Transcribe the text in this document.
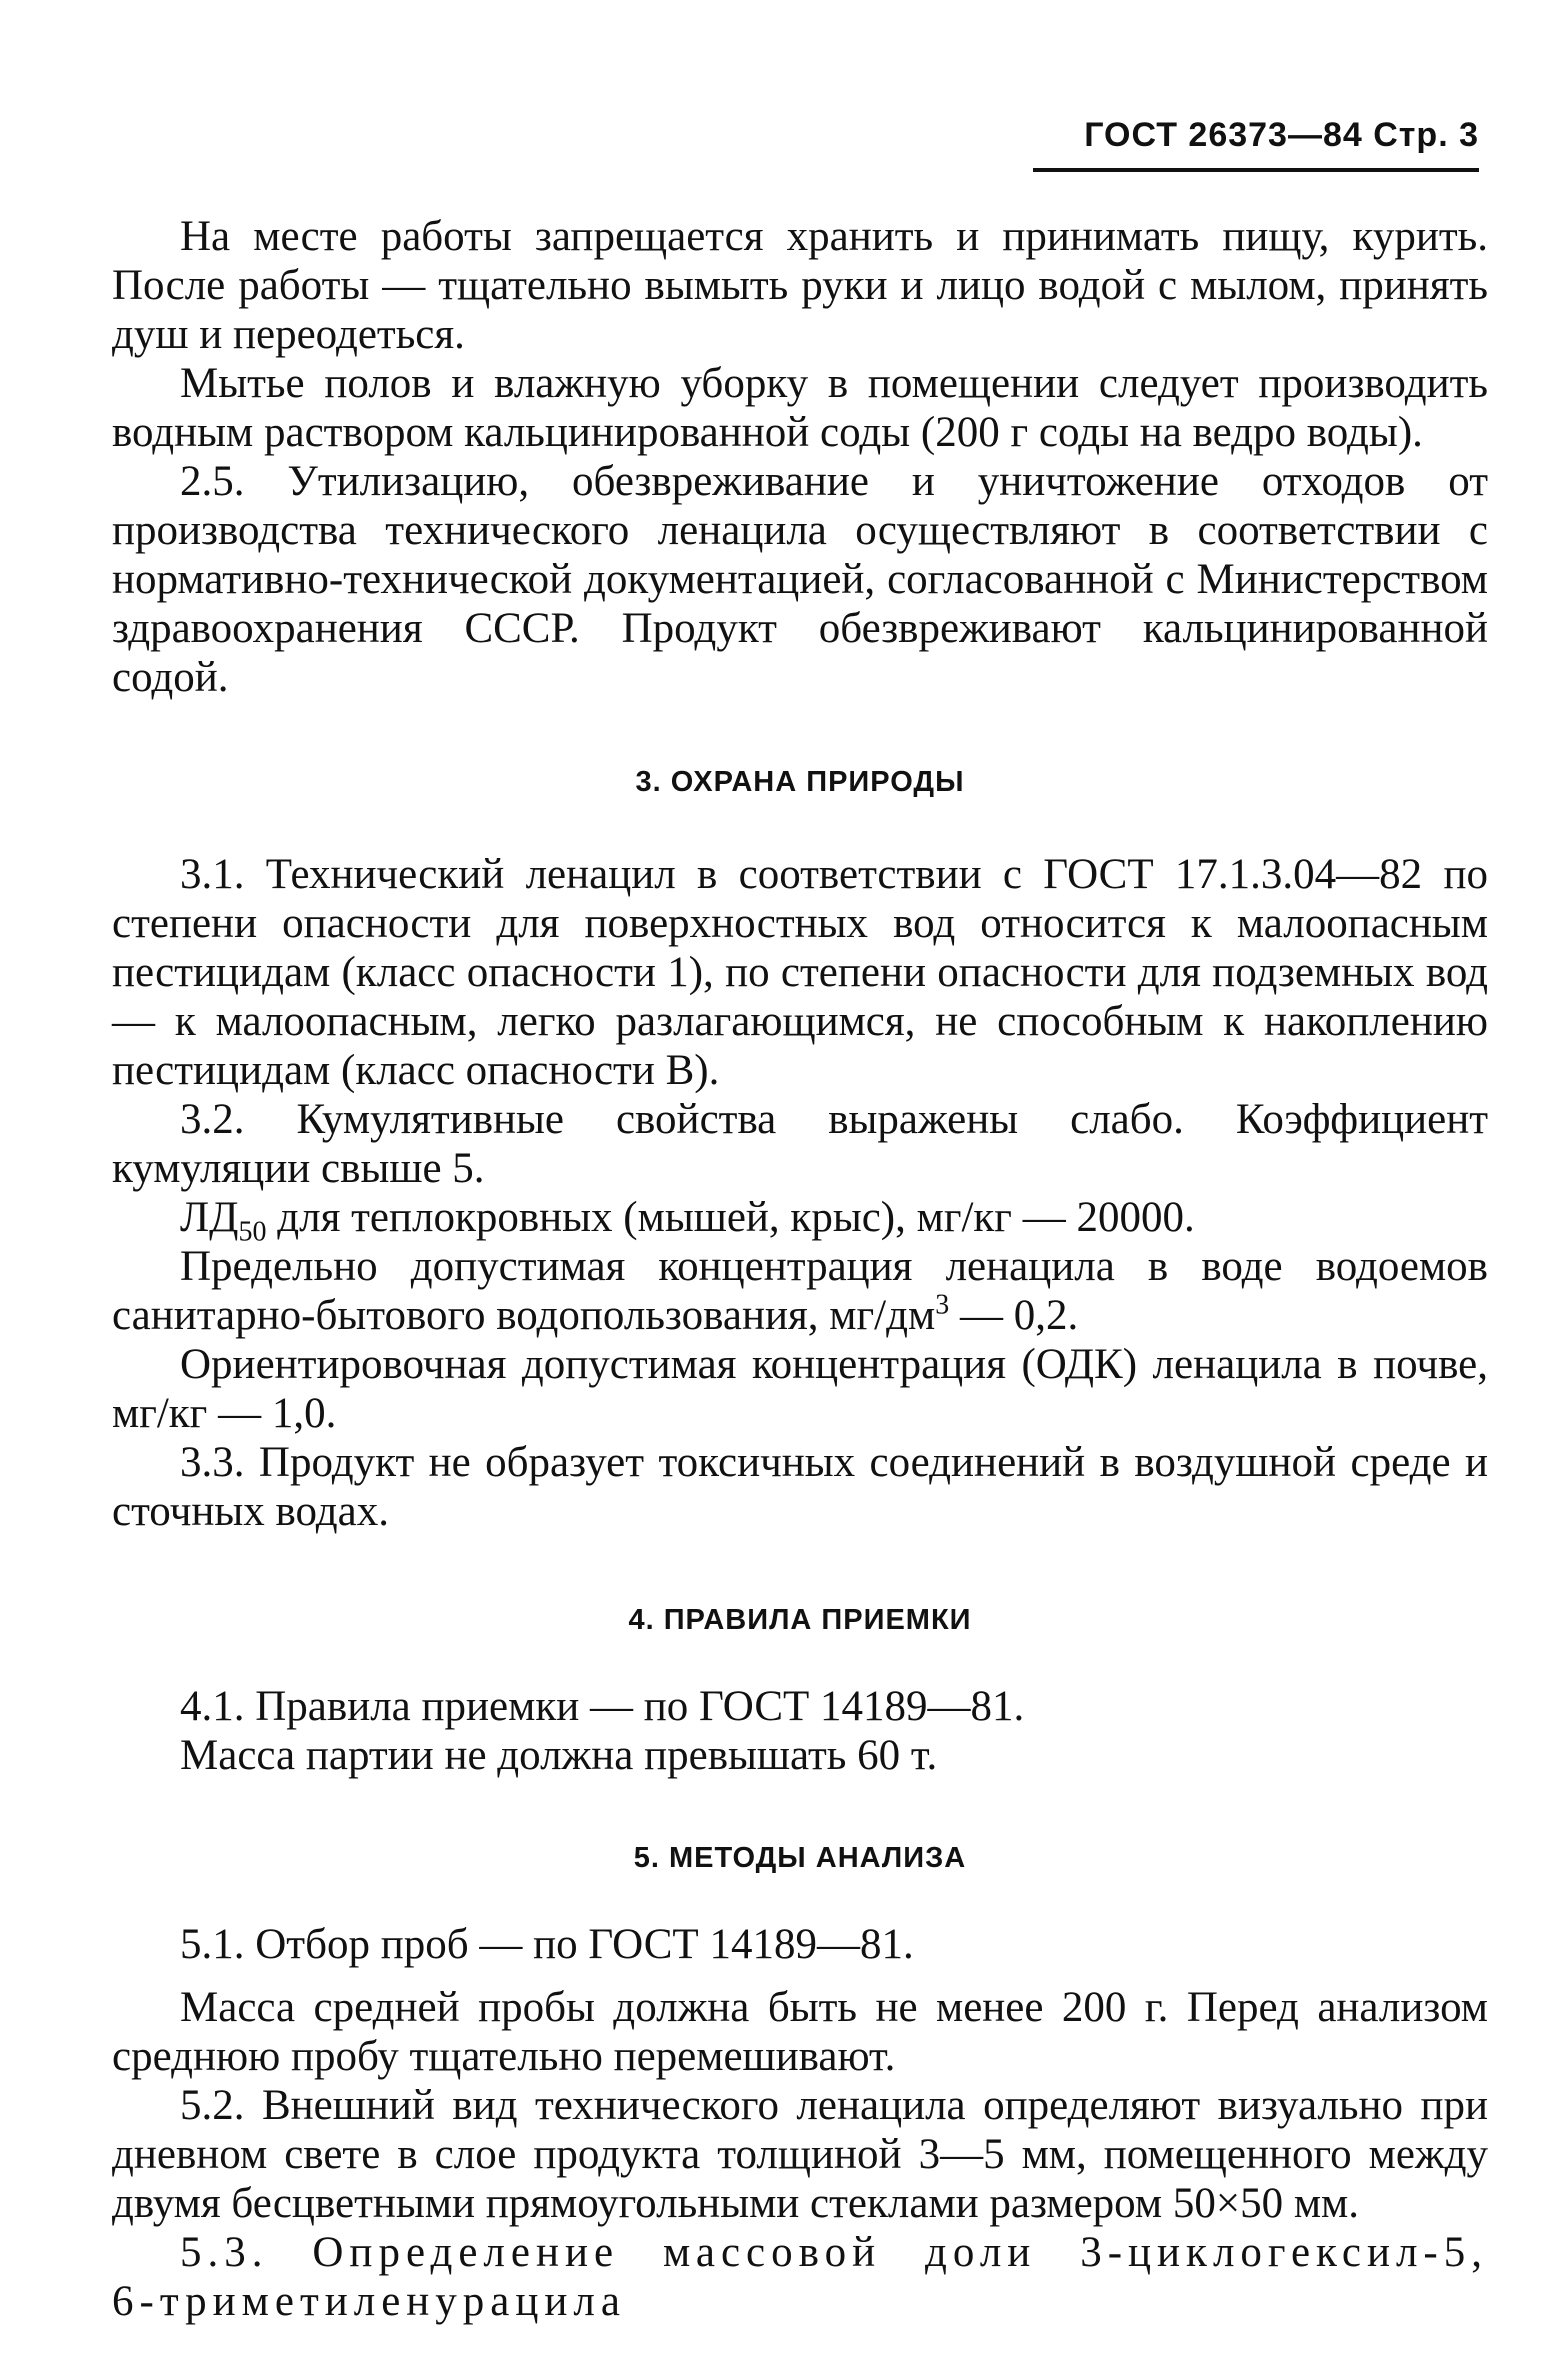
ГОСТ 26373—84 Стр. 3

На месте работы запрещается хранить и принимать пищу, курить. После работы — тщательно вымыть руки и лицо водой с мылом, принять душ и переодеться.

Мытье полов и влажную уборку в помещении следует производить водным раствором кальцинированной соды (200 г соды на ведро воды).

2.5. Утилизацию, обезвреживание и уничтожение отходов от производства технического ленацила осуществляют в соответствии с нормативно-технической документацией, согласованной с Министерством здравоохранения СССР. Продукт обезвреживают кальцинированной содой.

3. ОХРАНА ПРИРОДЫ

3.1. Технический ленацил в соответствии с ГОСТ 17.1.3.04—82 по степени опасности для поверхностных вод относится к малоопасным пестицидам (класс опасности 1), по степени опасности для подземных вод — к малоопасным, легко разлагающимся, не способным к накоплению пестицидам (класс опасности В).

3.2. Кумулятивные свойства выражены слабо. Коэффициент кумуляции свыше 5.

$ЛД_{50}$ для теплокровных (мышей, крыс), мг/кг — 20000.

Предельно допустимая концентрация ленацила в воде водоемов санитарно-бытового водопользования, $мг/дм^3$ — 0,2.

Ориентировочная допустимая концентрация (ОДК) ленацила в почве, мг/кг — 1,0.

3.3. Продукт не образует токсичных соединений в воздушной среде и сточных водах.

4. ПРАВИЛА ПРИЕМКИ

4.1. Правила приемки — по ГОСТ 14189—81.

Масса партии не должна превышать 60 т.

5. МЕТОДЫ АНАЛИЗА

5.1. Отбор проб — по ГОСТ 14189—81.

Масса средней пробы должна быть не менее 200 г. Перед анализом среднюю пробу тщательно перемешивают.

5.2. Внешний вид технического ленацила определяют визуально при дневном свете в слое продукта толщиной 3—5 мм, помещенного между двумя бесцветными прямоугольными стеклами размером 50×50 мм.

5.3. Определение массовой доли 3-циклогексил-5, 6-триметиленурацила
